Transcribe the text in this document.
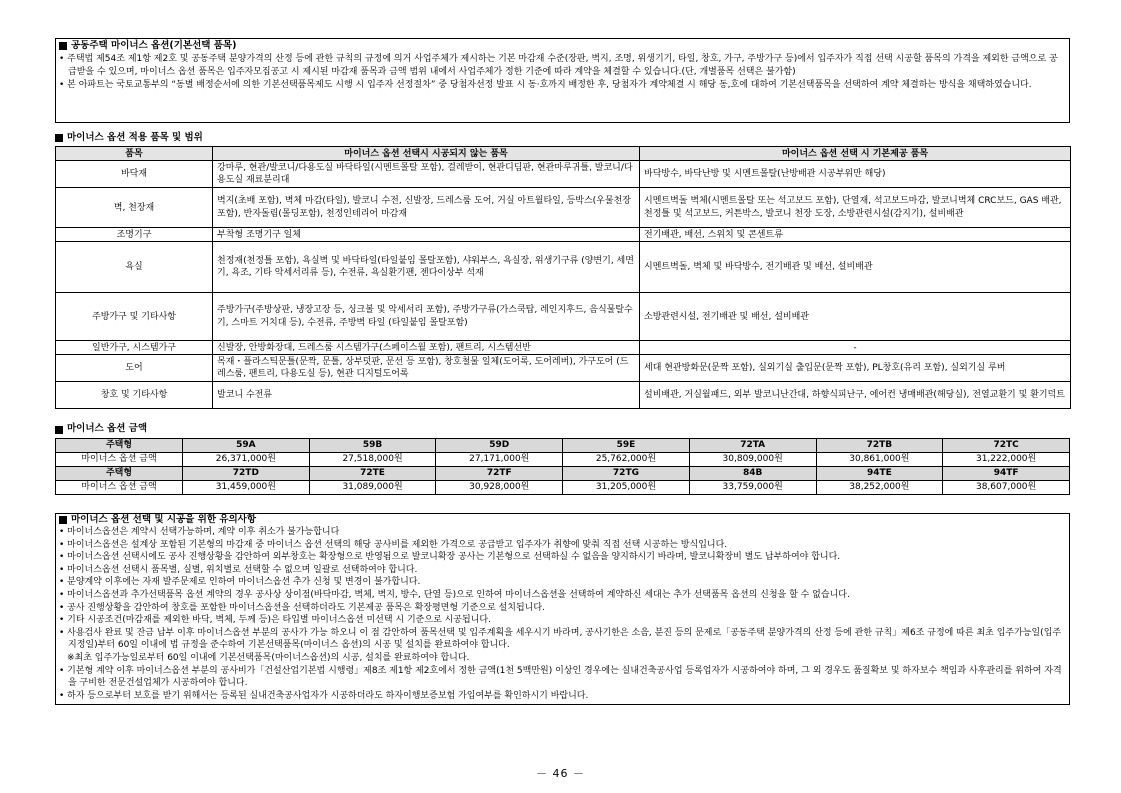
공동주택 마이너스 옵션(기본선택 품목)

• 주택법 제54조 제1항 제2호 및 공동주택 분양가격의 산정 등에 관한 규칙의 규정에 의거 사업주체가 제시하는 기본 마감재 수준(장판, 벽지, 조명, 위생기기, 타일, 창호, 가구, 주방가구 등)에서 입주자가 직접 선택 시공할 품목의 가격을 제외한 금액으로 공급받을 수 있으며, 마이너스 옵션 품목은 입주자모집공고 시 제시된 마감재 품목과 금액 범위 내에서 사업주체가 정한 기준에 따라 계약을 체결할 수 있습니다.(단, 개별품목 선택은 불가함)

• 본 아파트는 국토교통부의 “동별 배정순서에 의한 기본선택품목제도 시행 시 입주자 선정절차” 중 당첨자선정 발표 시 동·호까지 배정한 후, 당첨자가 계약체결 시 해당 동,호에 대하여 기본선택품목을 선택하여 계약 체결하는 방식을 채택하였습니다.

마이너스 옵션 적용 품목 및 범위
품목	마이너스 옵션 선택시 시공되지 않는 품목	마이너스 옵션 선택 시 기본제공 품목
바닥재	강마루, 현관/발코니/다용도실 바닥타일(시멘트몰탈 포함), 걸레받이, 현관디딤판, 현관마루귀틀, 발코니/다용도실 재료분리대	바닥방수, 바닥난방 및 시멘트몰탈(난방배관 시공부위만 해당)
벽, 천장재	벽지(초배 포함), 벽체 마감(타일), 발코니 수전, 신발장, 드레스룸 도어, 거실 아트월타일, 등박스(우물천장 포함), 반자돌림(몰딩포함), 천정인테리어 마감재	시멘트벽돌 벽체(시멘트몰탈 또는 석고보드 포함), 단열재, 석고보드마감, 발코니벽체 CRC보드, GAS 배관, 천정틀 및 석고보드, 커튼박스, 발코니 천장 도장, 소방관련시설(감지기), 설비배관
조명기구	부착형 조명기구 일체	전기배관, 배선, 스위치 및 콘센트류
욕실	천정재(천정틀 포함), 욕실벽 및 바닥타일(타일붙임 몰탈포함), 샤워부스, 욕실장, 위생기구류 (양변기, 세면기, 욕조, 기타 악세서리류 등), 수전류, 욕실환기팬, 젠다이상부 석재	시멘트벽돌, 벽체 및 바닥방수, 전기배관 및 배선, 설비배관
주방가구 및 기타사항	주방가구(주방상판, 냉장고장 등, 싱크볼 및 악세서리 포함), 주방가구류(가스쿡탑, 레인지후드, 음식물탈수기, 스마트 거치대 등), 수전류, 주방벽 타일 (타일붙임 몰탈포함)	소방관련시설, 전기배관 및 배선, 설비배관
일반가구, 시스템가구	신발장, 안방화장대, 드레스룸 시스템가구(스페이스월 포함), 팬트리, 시스템선반	-
도어	목재・플라스틱문틀(문짝, 문틀, 상부덧판, 문선 등 포함), 창호철물 일체(도어록, 도어레버), 가구도어 (드레스룸, 팬트리, 다용도실 등), 현관 디지털도어록	세대 현관방화문(문짝 포함), 실외기실 출입문(문짝 포함), PL창호(유리 포함), 실외기실 루버
창호 및 기타사항	발코니 수전류	설비배관, 거실월패드, 외부 발코니난간대, 하향식피난구, 에어컨 냉매배관(해당실), 전열교환기 및 환기덕트
마이너스 옵션 금액
주택형	59A	59B	59D	59E	72TA	72TB	72TC
마이너스 옵션 금액	26,371,000원	27,518,000원	27,171,000원	25,762,000원	30,809,000원	30,861,000원	31,222,000원
주택형	72TD	72TE	72TF	72TG	84B	94TE	94TF
마이너스 옵션 금액	31,459,000원	31,089,000원	30,928,000원	31,205,000원	33,759,000원	38,252,000원	38,607,000원
마이너스 옵션 선택 및 시공을 위한 유의사항

• 마이너스옵션은 계약시 선택가능하며, 계약 이후 취소가 불가능합니다

• 마이너스옵션은 설계상 포함된 기본형의 마감재 중 마이너스 옵션 선택의 해당 공사비를 제외한 가격으로 공급받고 입주자가 취향에 맞춰 직접 선택 시공하는 방식입니다.

• 마이너스옵션 선택시에도 공사 진행상황을 감안하여 외부창호는 확장형으로 반영됨으로 발코니확장 공사는 기본형으로 선택하실 수 없음을 양지하시기 바라며, 발코니확장비 별도 납부하여야 합니다.

• 마이너스옵션 선택시 품목별, 실별, 위치별로 선택할 수 없으며 일괄로 선택하여야 합니다.

• 분양계약 이후에는 자재 발주문제로 인하여 마이너스옵션 추가 신청 및 변경이 불가합니다.

• 마이너스옵션과 추가선택품목 옵션 계약의 경우 공사상 상이점(바닥마감, 벽체, 벽지, 방수, 단열 등)으로 인하여 마이너스옵션을 선택하여 계약하신 세대는 추가 선택품목 옵션의 신청을 할 수 없습니다.

• 공사 진행상황을 감안하여 창호를 포함한 마이너스옵션을 선택하더라도 기본제공 품목은 확장평면형 기준으로 설치됩니다.

• 기타 시공조건(마감재를 제외한 바닥, 벽체, 두께 등)은 타입별 마이너스옵션 미선택 시 기준으로 시공됩니다.

• 사용검사 완료 및 잔금 납부 이후 마이너스옵션 부분의 공사가 가능 하오니 이 점 감안하여 품목선택 및 입주계획을 세우시기 바라며, 공사기한은 소음, 분진 등의 문제로「공동주택 분양가격의 산정 등에 관한 규칙」제6조 규정에 따른 최초 입주가능일(입주지정일)부터 60일 이내에 법 규정을 준수하여 기본선택품목(마이너스 옵션)의 시공 및 설치를 완료하여야 합니다.

※최초 입주가능일로부터 60일 이내에 기본선택품목(마이너스옵션)의 시공, 설치를 완료하여야 합니다.

• 기본형 계약 이후 마이너스옵션 부분의 공사비가「건설산업기본법 시행령」제8조 제1항 제2호에서 정한 금액(1천 5백만원) 이상인 경우에는 실내건축공사업 등록업자가 시공하여야 하며, 그 외 경우도 품질확보 및 하자보수 책임과 사후관리를 위하여 자격을 구비한 전문건설업체가 시공하여야 합니다.

• 하자 등으로부터 보호를 받기 위해서는 등록된 실내건축공사업자가 시공하더라도 하자이행보증보험 가입여부를 확인하시기 바랍니다.

－ 46 －
